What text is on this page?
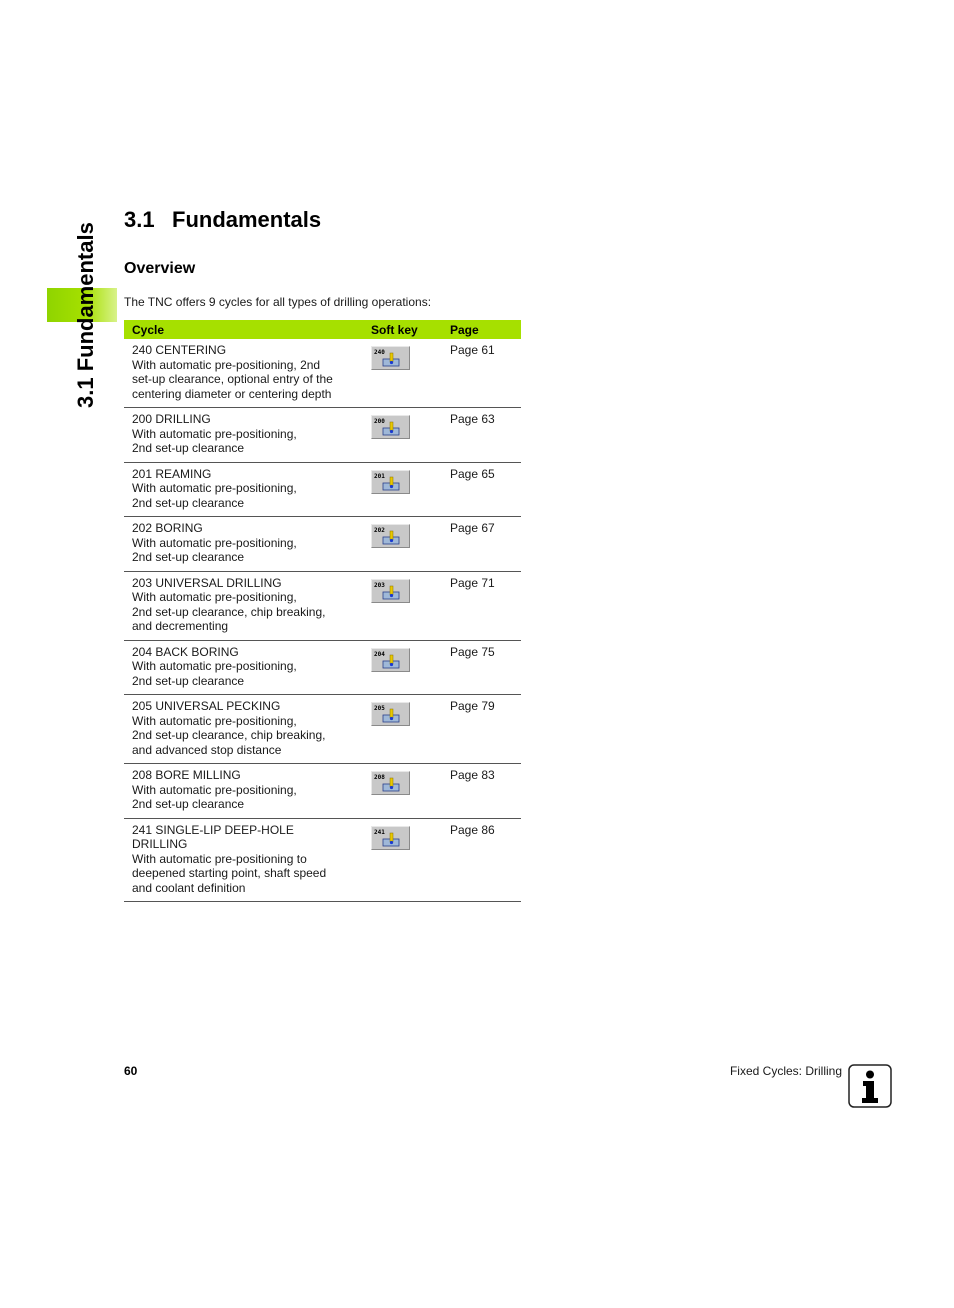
3.1 Fundamentals
3.1 Fundamentals
Overview

The TNC offers 9 cycles for all types of drilling operations:

Cycle	Soft key	Page

240 CENTERING
With automatic pre-positioning, 2nd
set-up clearance, optional entry of the
centering diameter or centering depth	240	Page 61

200 DRILLING
With automatic pre-positioning,
2nd set-up clearance	200	Page 63

201 REAMING
With automatic pre-positioning,
2nd set-up clearance	201	Page 65

202 BORING
With automatic pre-positioning,
2nd set-up clearance	202	Page 67

203 UNIVERSAL DRILLING
With automatic pre-positioning,
2nd set-up clearance, chip breaking,
and decrementing	203	Page 71

204 BACK BORING
With automatic pre-positioning,
2nd set-up clearance	204	Page 75

205 UNIVERSAL PECKING
With automatic pre-positioning,
2nd set-up clearance, chip breaking,
and advanced stop distance	205	Page 79

208 BORE MILLING
With automatic pre-positioning,
2nd set-up clearance	208	Page 83

241 SINGLE-LIP DEEP-HOLE
DRILLING
With automatic pre-positioning to
deepened starting point, shaft speed
and coolant definition	241	Page 86
60	Fixed Cycles: Drilling
